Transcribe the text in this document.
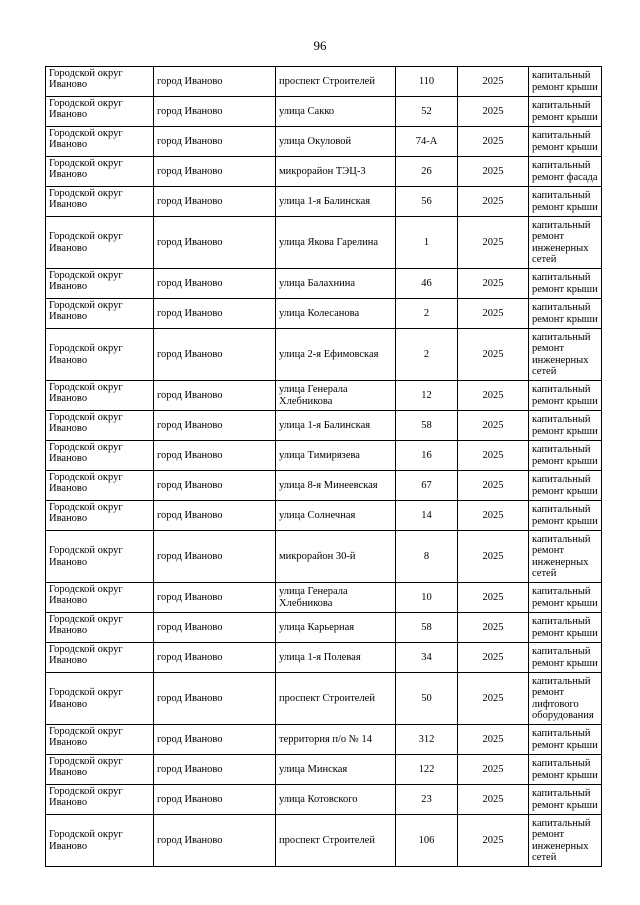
96
Городской округ Иваново	город Иваново	проспект Строителей	110	2025	капитальный ремонт крыши
Городской округ Иваново	город Иваново	улица Сакко	52	2025	капитальный ремонт крыши
Городской округ Иваново	город Иваново	улица Окуловой	74-А	2025	капитальный ремонт крыши
Городской округ Иваново	город Иваново	микрорайон ТЭЦ-3	26	2025	капитальный ремонт фасада
Городской округ Иваново	город Иваново	улица 1-я Балинская	56	2025	капитальный ремонт крыши
Городской округ Иваново	город Иваново	улица Якова Гарелина	1	2025	капитальный ремонт инженерных сетей
Городской округ Иваново	город Иваново	улица Балахнина	46	2025	капитальный ремонт крыши
Городской округ Иваново	город Иваново	улица Колесанова	2	2025	капитальный ремонт крыши
Городской округ Иваново	город Иваново	улица 2-я Ефимовская	2	2025	капитальный ремонт инженерных сетей
Городской округ Иваново	город Иваново	улица Генерала Хлебникова	12	2025	капитальный ремонт крыши
Городской округ Иваново	город Иваново	улица 1-я Балинская	58	2025	капитальный ремонт крыши
Городской округ Иваново	город Иваново	улица Тимирязева	16	2025	капитальный ремонт крыши
Городской округ Иваново	город Иваново	улица 8-я Минеевская	67	2025	капитальный ремонт крыши
Городской округ Иваново	город Иваново	улица Солнечная	14	2025	капитальный ремонт крыши
Городской округ Иваново	город Иваново	микрорайон 30-й	8	2025	капитальный ремонт инженерных сетей
Городской округ Иваново	город Иваново	улица Генерала Хлебникова	10	2025	капитальный ремонт крыши
Городской округ Иваново	город Иваново	улица Карьерная	58	2025	капитальный ремонт крыши
Городской округ Иваново	город Иваново	улица 1-я Полевая	34	2025	капитальный ремонт крыши
Городской округ Иваново	город Иваново	проспект Строителей	50	2025	капитальный ремонт лифтового оборудования
Городской округ Иваново	город Иваново	территория п/о № 14	312	2025	капитальный ремонт крыши
Городской округ Иваново	город Иваново	улица Минская	122	2025	капитальный ремонт крыши
Городской округ Иваново	город Иваново	улица Котовского	23	2025	капитальный ремонт крыши
Городской округ Иваново	город Иваново	проспект Строителей	106	2025	капитальный ремонт инженерных сетей
